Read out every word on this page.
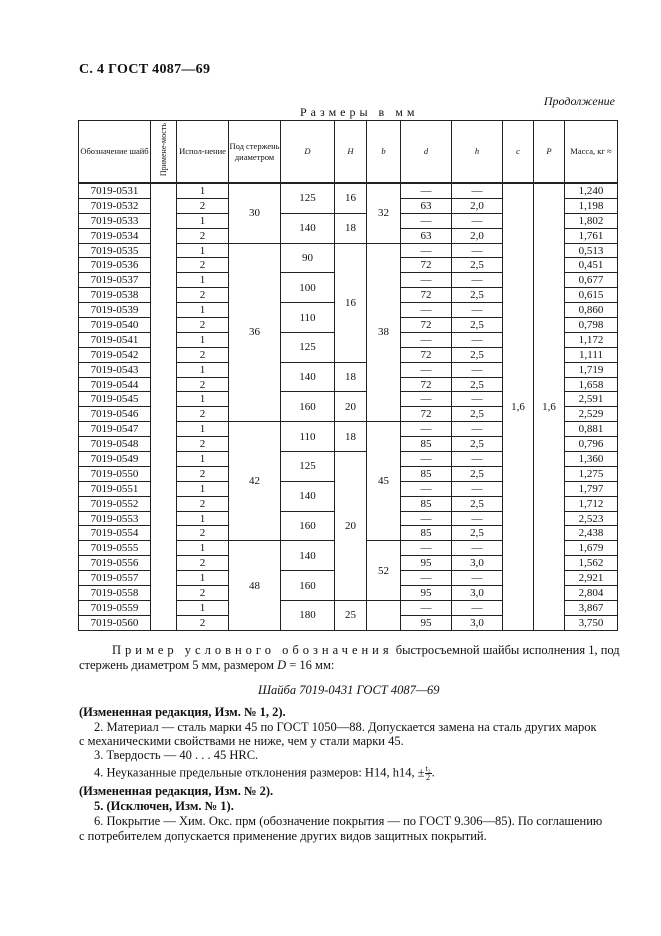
С. 4 ГОСТ 4087—69
Продолжение
Размеры в мм
Обозначение шайб	Примене-мость	Испол-нение	Под стержень диаметром	D	H	b	d	h	c	P	Масса, кг ≈

7019-0531		1	30	125	16	32	—	—	1,6	1,6	1,240
7019-0532		2					63	2,0			1,198
7019-0533		1		140	18		—	—			1,802
7019-0534		2					63	2,0			1,761
7019-0535		1	36	90	16	38	—	—			0,513
7019-0536		2					72	2,5			0,451
7019-0537		1		100			—	—			0,677
7019-0538		2					72	2,5			0,615
7019-0539		1		110			—	—			0,860
7019-0540		2					72	2,5			0,798
7019-0541		1		125			—	—			1,172
7019-0542		2					72	2,5			1,111
7019-0543		1		140	18		—	—			1,719
7019-0544		2					72	2,5			1,658
7019-0545		1		160	20		—	—			2,591
7019-0546		2					72	2,5			2,529
7019-0547		1	42	110	18	45	—	—			0,881
7019-0548		2					85	2,5			0,796
7019-0549		1		125	20		—	—			1,360
7019-0550		2					85	2,5			1,275
7019-0551		1		140			—	—			1,797
7019-0552		2					85	2,5			1,712
7019-0553		1		160			—	—			2,523
7019-0554		2					85	2,5			2,438
7019-0555		1	48	140		52	—	—			1,679
7019-0556		2					95	3,0			1,562
7019-0557		1		160			—	—			2,921
7019-0558		2					95	3,0			2,804
7019-0559		1		180	25		—	—			3,867
7019-0560		2					95	3,0			3,750
Пример условного обозначения быстросъемной шайбы исполнения 1, под
стержень диаметром 5 мм, размером D = 16 мм:
Шайба 7019-0431 ГОСТ 4087—69
(Измененная редакция, Изм. № 1, 2).
2. Материал — сталь марки 45 по ГОСТ 1050—88. Допускается замена на сталь других марок
с механическими свойствами не ниже, чем у стали марки 45.
3. Твердость — 40 . . . 45 HRC.
4. Неуказанные предельные отклонения размеров: Н14, h14, ± $\frac{\text{t₂}}{2}$ .
(Измененная редакция, Изм. № 2).
5. (Исключен, Изм. № 1).
6. Покрытие — Хим. Окс. прм (обозначение покрытия — по ГОСТ 9.306—85). По соглашению
с потребителем допускается применение других видов защитных покрытий.
